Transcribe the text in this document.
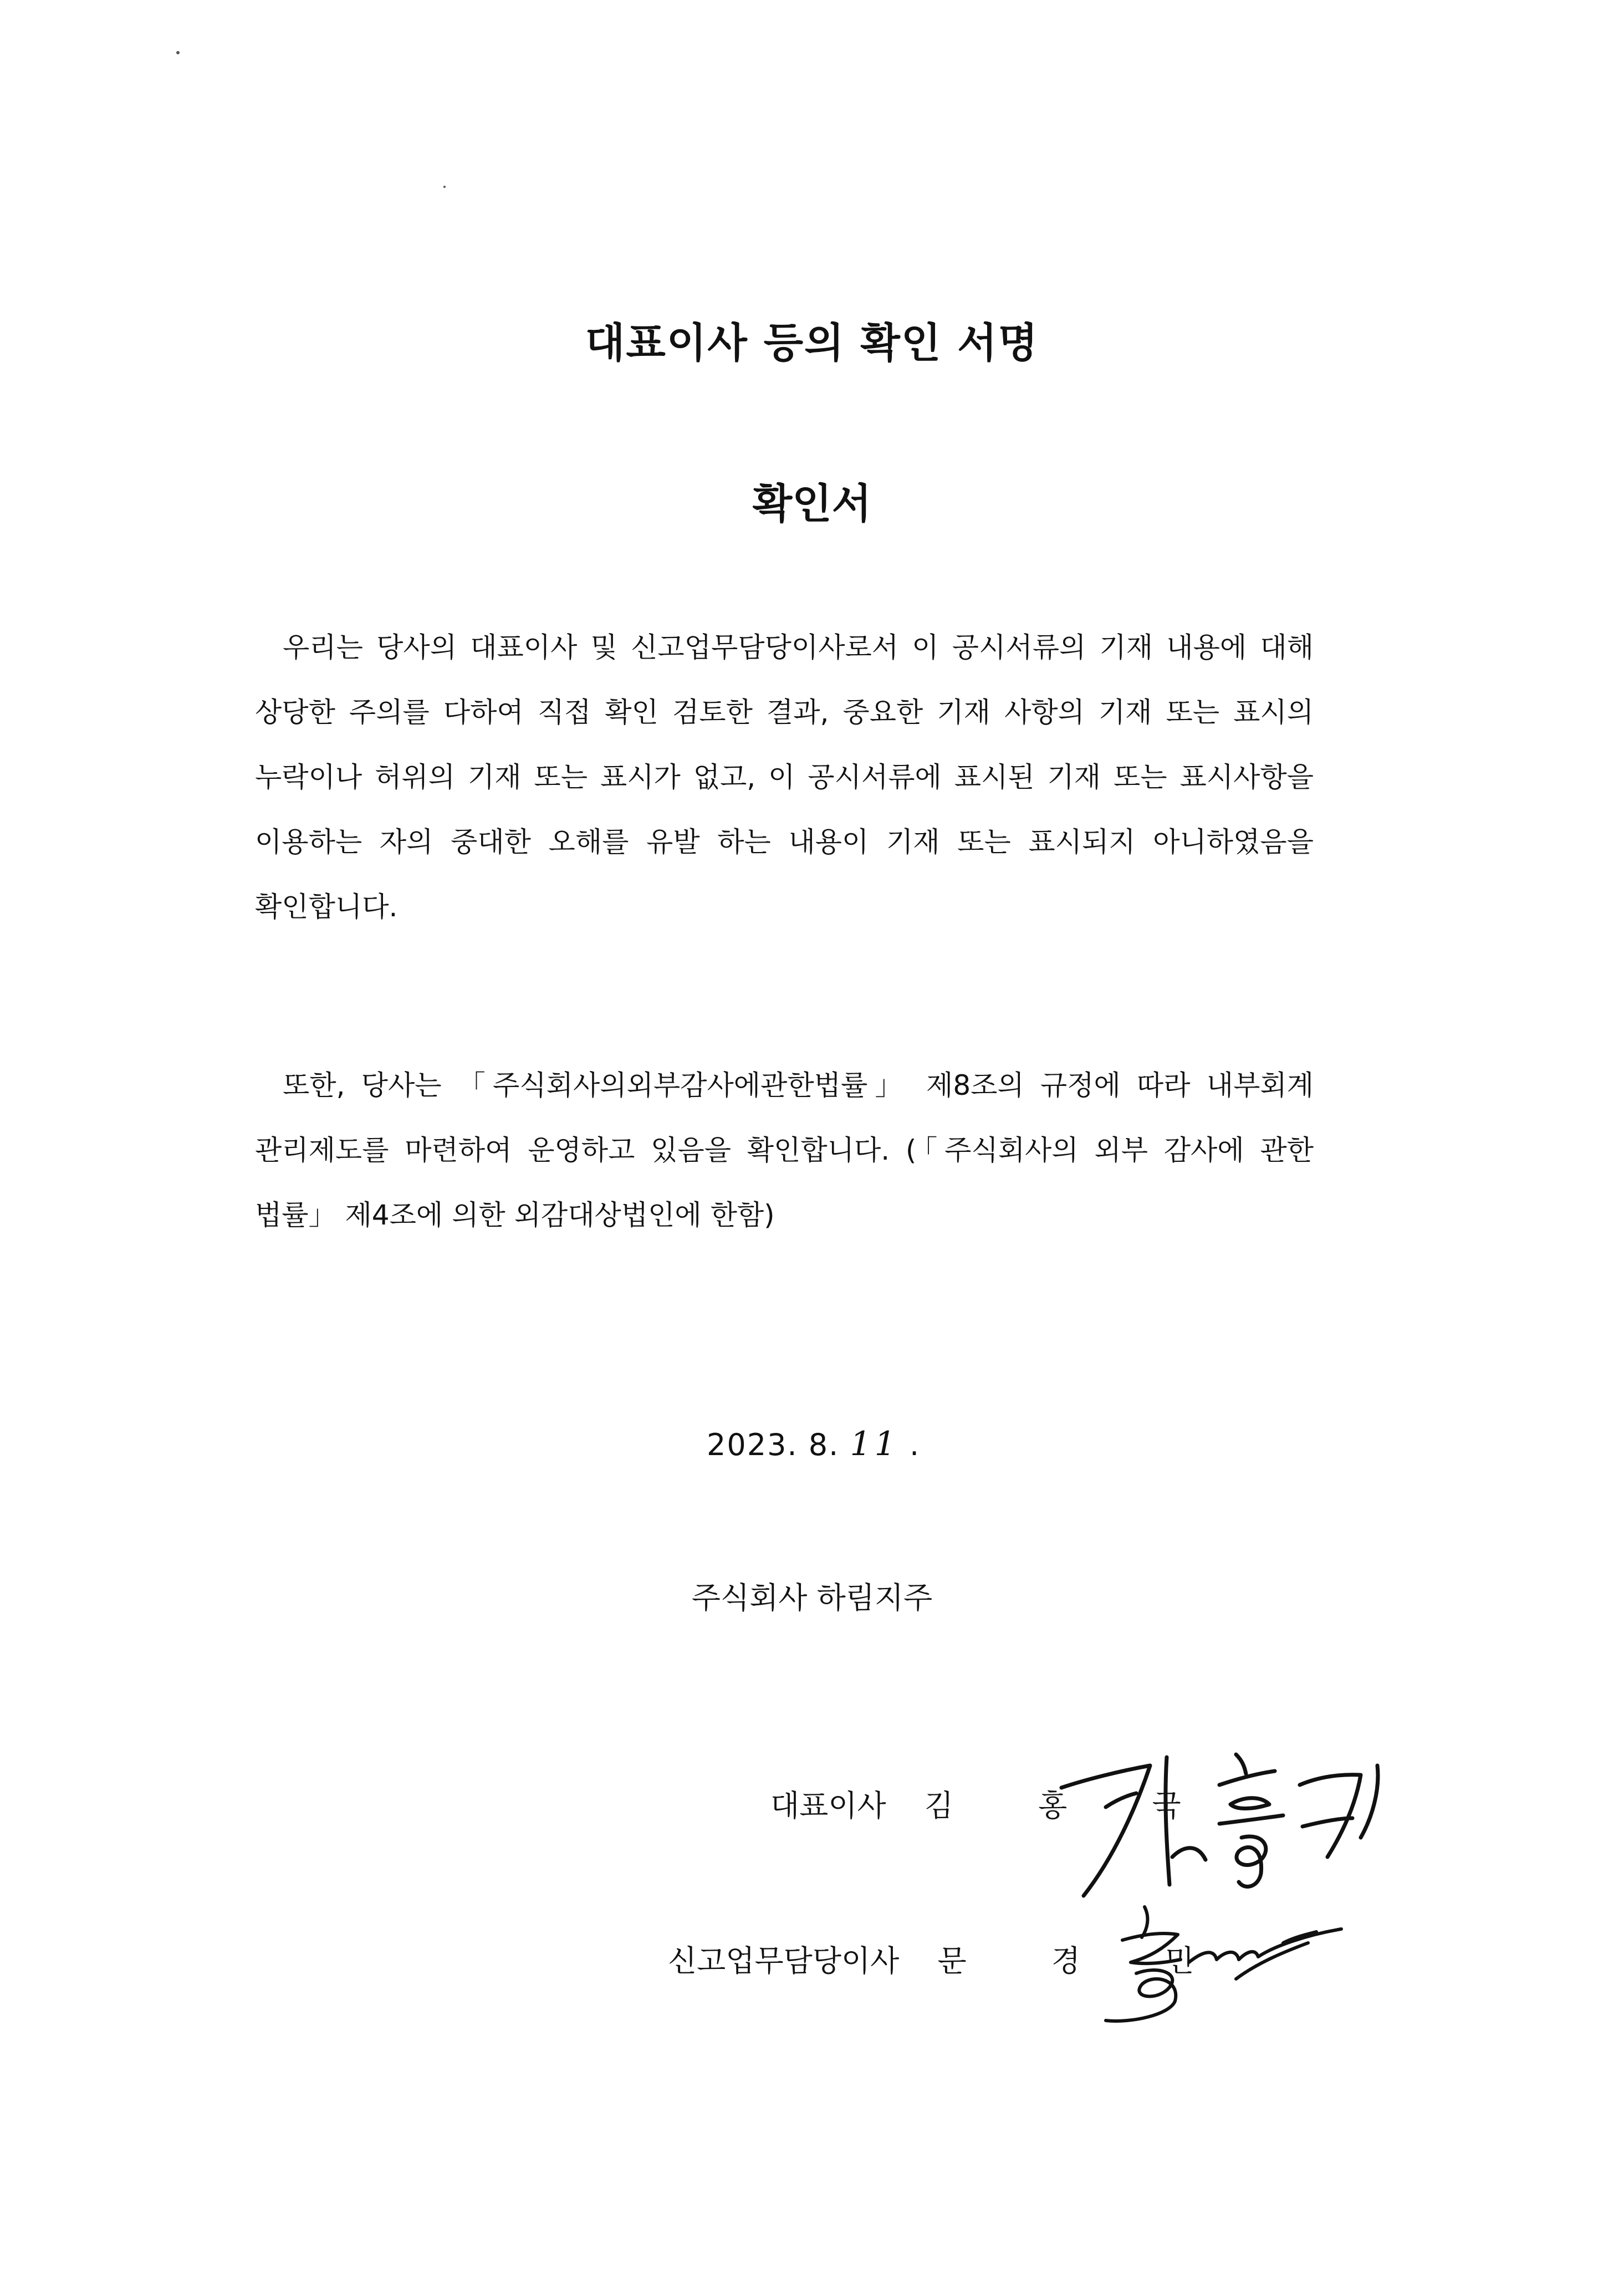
대표이사 등의 확인 서명
확인서

우리는 당사의 대표이사 및 신고업무담당이사로서 이 공시서류의 기재 내용에 대해 상당한 주의를 다하여 직접 확인 검토한 결과, 중요한 기재 사항의 기재 또는 표시의 누락이나 허위의 기재 또는 표시가 없고, 이 공시서류에 표시된 기재 또는 표시사항을 이용하는 자의 중대한 오해를 유발 하는 내용이 기재 또는 표시되지 아니하였음을 확인합니다.

또한, 당사는 「주식회사의외부감사에관한법률」 제8조의 규정에 따라 내부회계 관리제도를 마련하여 운영하고 있음을 확인합니다. (「주식회사의 외부 감사에 관한 법률」 제4조에 의한 외감대상법인에 한함)

2023. 8. 11 .
주식회사 하림지주
대표이사 김 홍 국
신고업무담당이사 문 경 민
